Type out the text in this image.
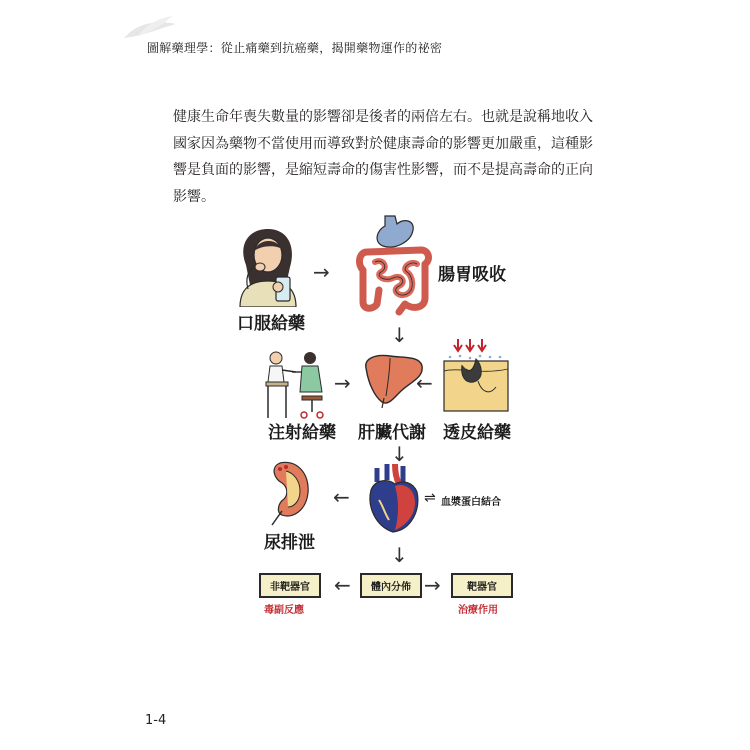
圖解藥理學：從止痛藥到抗癌藥，揭開藥物運作的祕密
健康生命年喪失數量的影響卻是後者的兩倍左右。也就是說稱地收入
國家因為藥物不當使用而導致對於健康壽命的影響更加嚴重，這種影
響是負面的影響，是縮短壽命的傷害性影響，而不是提高壽命的正向
影響。
口服給藥
→	腸胃吸收
↓
注射給藥
→
肝臟代謝
←
透皮給藥
↓
尿排泄
←	⇌ 血漿蛋白結合
↓
非靶器官
毒副反應
←	體內分佈 →	靶器官
治療作用
1-4
